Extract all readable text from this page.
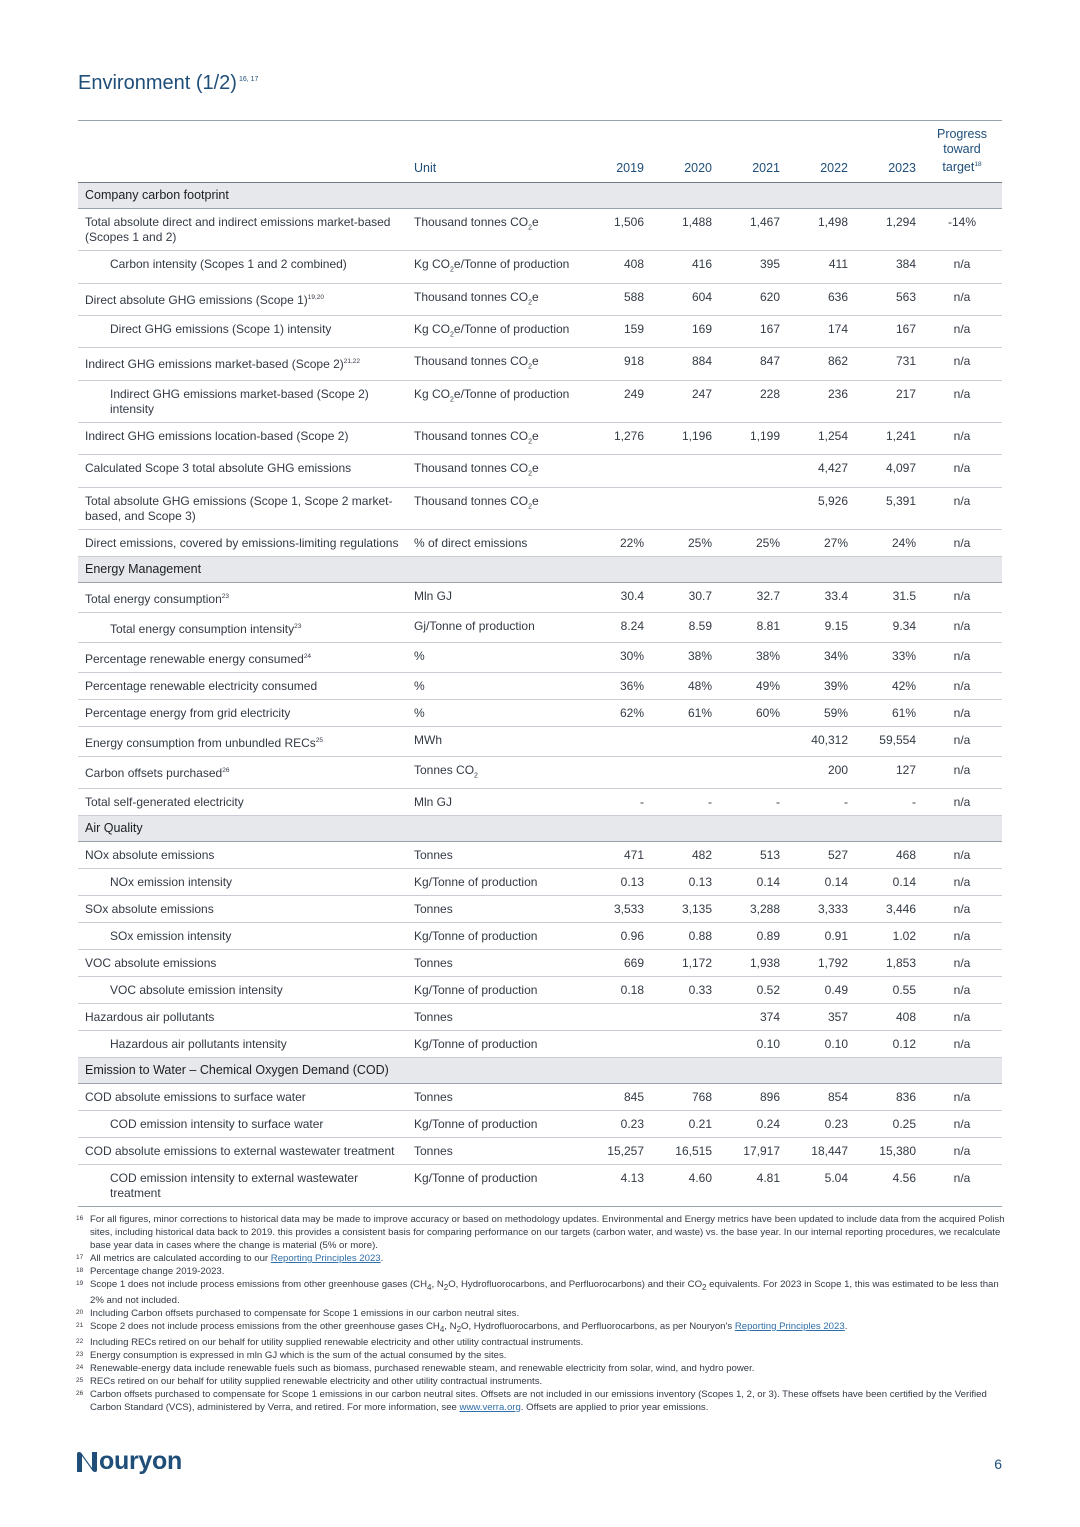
Environment (1/2) $^{16, 17}$
	Unit	2019	2020	2021	2022	2023	Progress
toward
target$^{18}$
Company carbon footprint							
Total absolute direct and indirect emissions market-based (Scopes 1 and 2)	Thousand tonnes $CO_2e$	1,506	1,488	1,467	1,498	1,294	-14%
Carbon intensity (Scopes 1 and 2 combined)	Kg $CO_2e$/Tonne of production	408	416	395	411	384	n/a
Direct absolute GHG emissions (Scope 1)$^{19,20}$	Thousand tonnes $CO_2e$	588	604	620	636	563	n/a
Direct GHG emissions (Scope 1) intensity	Kg $CO_2e$/Tonne of production	159	169	167	174	167	n/a
Indirect GHG emissions market-based (Scope 2)$^{21,22}$	Thousand tonnes $CO_2e$	918	884	847	862	731	n/a
Indirect GHG emissions market-based (Scope 2) intensity	Kg $CO_2e$/Tonne of production	249	247	228	236	217	n/a
Indirect GHG emissions location-based (Scope 2)	Thousand tonnes $CO_2e$	1,276	1,196	1,199	1,254	1,241	n/a
Calculated Scope 3 total absolute GHG emissions	Thousand tonnes $CO_2e$				4,427	4,097	n/a
Total absolute GHG emissions (Scope 1, Scope 2 market-based, and Scope 3)	Thousand tonnes $CO_2e$				5,926	5,391	n/a
Direct emissions, covered by emissions-limiting regulations	% of direct emissions	22%	25%	25%	27%	24%	n/a
Energy Management							
Total energy consumption$^{23}$	Mln GJ	30.4	30.7	32.7	33.4	31.5	n/a
Total energy consumption intensity$^{23}$	Gj/Tonne of production	8.24	8.59	8.81	9.15	9.34	n/a
Percentage renewable energy consumed$^{24}$	%	30%	38%	38%	34%	33%	n/a
Percentage renewable electricity consumed	%	36%	48%	49%	39%	42%	n/a
Percentage energy from grid electricity	%	62%	61%	60%	59%	61%	n/a
Energy consumption from unbundled RECs$^{25}$	MWh				40,312	59,554	n/a
Carbon offsets purchased$^{26}$	Tonnes $CO_2$				200	127	n/a
Total self-generated electricity	Mln GJ	-	-	-	-	-	n/a
Air Quality							
NOx absolute emissions	Tonnes	471	482	513	527	468	n/a
NOx emission intensity	Kg/Tonne of production	0.13	0.13	0.14	0.14	0.14	n/a
SOx absolute emissions	Tonnes	3,533	3,135	3,288	3,333	3,446	n/a
SOx emission intensity	Kg/Tonne of production	0.96	0.88	0.89	0.91	1.02	n/a
VOC absolute emissions	Tonnes	669	1,172	1,938	1,792	1,853	n/a
VOC absolute emission intensity	Kg/Tonne of production	0.18	0.33	0.52	0.49	0.55	n/a
Hazardous air pollutants	Tonnes			374	357	408	n/a
Hazardous air pollutants intensity	Kg/Tonne of production			0.10	0.10	0.12	n/a
Emission to Water – Chemical Oxygen Demand (COD)							
COD absolute emissions to surface water	Tonnes	845	768	896	854	836	n/a
COD emission intensity to surface water	Kg/Tonne of production	0.23	0.21	0.24	0.23	0.25	n/a
COD absolute emissions to external wastewater treatment	Tonnes	15,257	16,515	17,917	18,447	15,380	n/a
COD emission intensity to external wastewater treatment	Kg/Tonne of production	4.13	4.60	4.81	5.04	4.56	n/a
16 For all figures, minor corrections to historical data may be made to improve accuracy or based on methodology updates. Environmental and Energy metrics have been updated to include data from the acquired Polish sites, including historical data back to 2019. this provides a consistent basis for comparing performance on our targets (carbon water, and waste) vs. the base year. In our internal reporting procedures, we recalculate base year data in cases where the change is material (5% or more).
17 All metrics are calculated according to our Reporting Principles 2023.
18 Percentage change 2019-2023.
19 Scope 1 does not include process emissions from other greenhouse gases ($CH_4$, $N_2O$, Hydrofluorocarbons, and Perfluorocarbons) and their $CO_2$ equivalents. For 2023 in Scope 1, this was estimated to be less than 2% and not included.
20 Including Carbon offsets purchased to compensate for Scope 1 emissions in our carbon neutral sites.
21 Scope 2 does not include process emissions from the other greenhouse gases $CH_4$, $N_2O$, Hydrofluorocarbons, and Perfluorocarbons, as per Nouryon's Reporting Principles 2023.
22 Including RECs retired on our behalf for utility supplied renewable electricity and other utility contractual instruments.
23 Energy consumption is expressed in mln GJ which is the sum of the actual consumed by the sites.
24 Renewable-energy data include renewable fuels such as biomass, purchased renewable steam, and renewable electricity from solar, wind, and hydro power.
25 RECs retired on our behalf for utility supplied renewable electricity and other utility contractual instruments.
26 Carbon offsets purchased to compensate for Scope 1 emissions in our carbon neutral sites. Offsets are not included in our emissions inventory (Scopes 1, 2, or 3). These offsets have been certified by the Verified Carbon Standard (VCS), administered by Verra, and retired. For more information, see www.verra.org. Offsets are applied to prior year emissions.
ouryon	6
